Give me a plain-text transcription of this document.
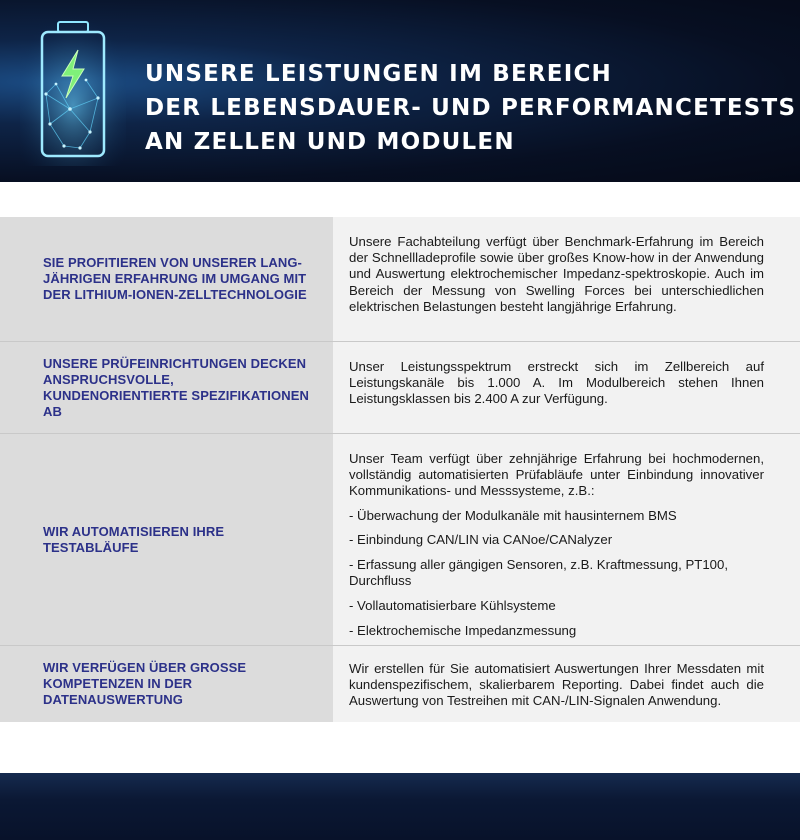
UNSERE LEISTUNGEN IM BEREICH
DER LEBENSDAUER- UND PERFORMANCETESTS
AN ZELLEN UND MODULEN

SIE PROFITIEREN VON UNSERER LANG-JÄHRIGEN ERFAHRUNG IM UMGANG MIT DER LITHIUM-IONEN-ZELLTECHNOLOGIE

Unsere Fachabteilung verfügt über Benchmark-Erfahrung im Bereich der Schnellladeprofile sowie über großes Know-how in der Anwendung und Auswertung elektrochemischer Impedanz-spektroskopie. Auch im Bereich der Messung von Swelling Forces bei unterschiedlichen elektrischen Belastungen besteht langjährige Erfahrung.

UNSERE PRÜFEINRICHTUNGEN DECKEN ANSPRUCHSVOLLE, KUNDENORIENTIERTE SPEZIFIKATIONEN AB

Unser Leistungsspektrum erstreckt sich im Zellbereich auf Leistungskanäle bis 1.000 A. Im Modulbereich stehen Ihnen Leistungsklassen bis 2.400 A zur Verfügung.

WIR AUTOMATISIEREN IHRE TESTABLÄUFE

Unser Team verfügt über zehnjährige Erfahrung bei hochmodernen, vollständig automatisierten Prüfabläufe unter Einbindung innovativer Kommunikations- und Messsysteme, z.B.:

- Überwachung der Modulkanäle mit hausinternem BMS
- Einbindung CAN/LIN via CANoe/CANalyzer
- Erfassung aller gängigen Sensoren, z.B. Kraftmessung, PT100, Durchfluss
- Vollautomatisierbare Kühlsysteme
- Elektrochemische Impedanzmessung

WIR VERFÜGEN ÜBER GROSSE KOMPETENZEN IN DER DATENAUSWERTUNG

Wir erstellen für Sie automatisiert Auswertungen Ihrer Messdaten mit kundenspezifischem, skalierbarem Reporting. Dabei findet auch die Auswertung von Testreihen mit CAN-/LIN-Signalen Anwendung.
